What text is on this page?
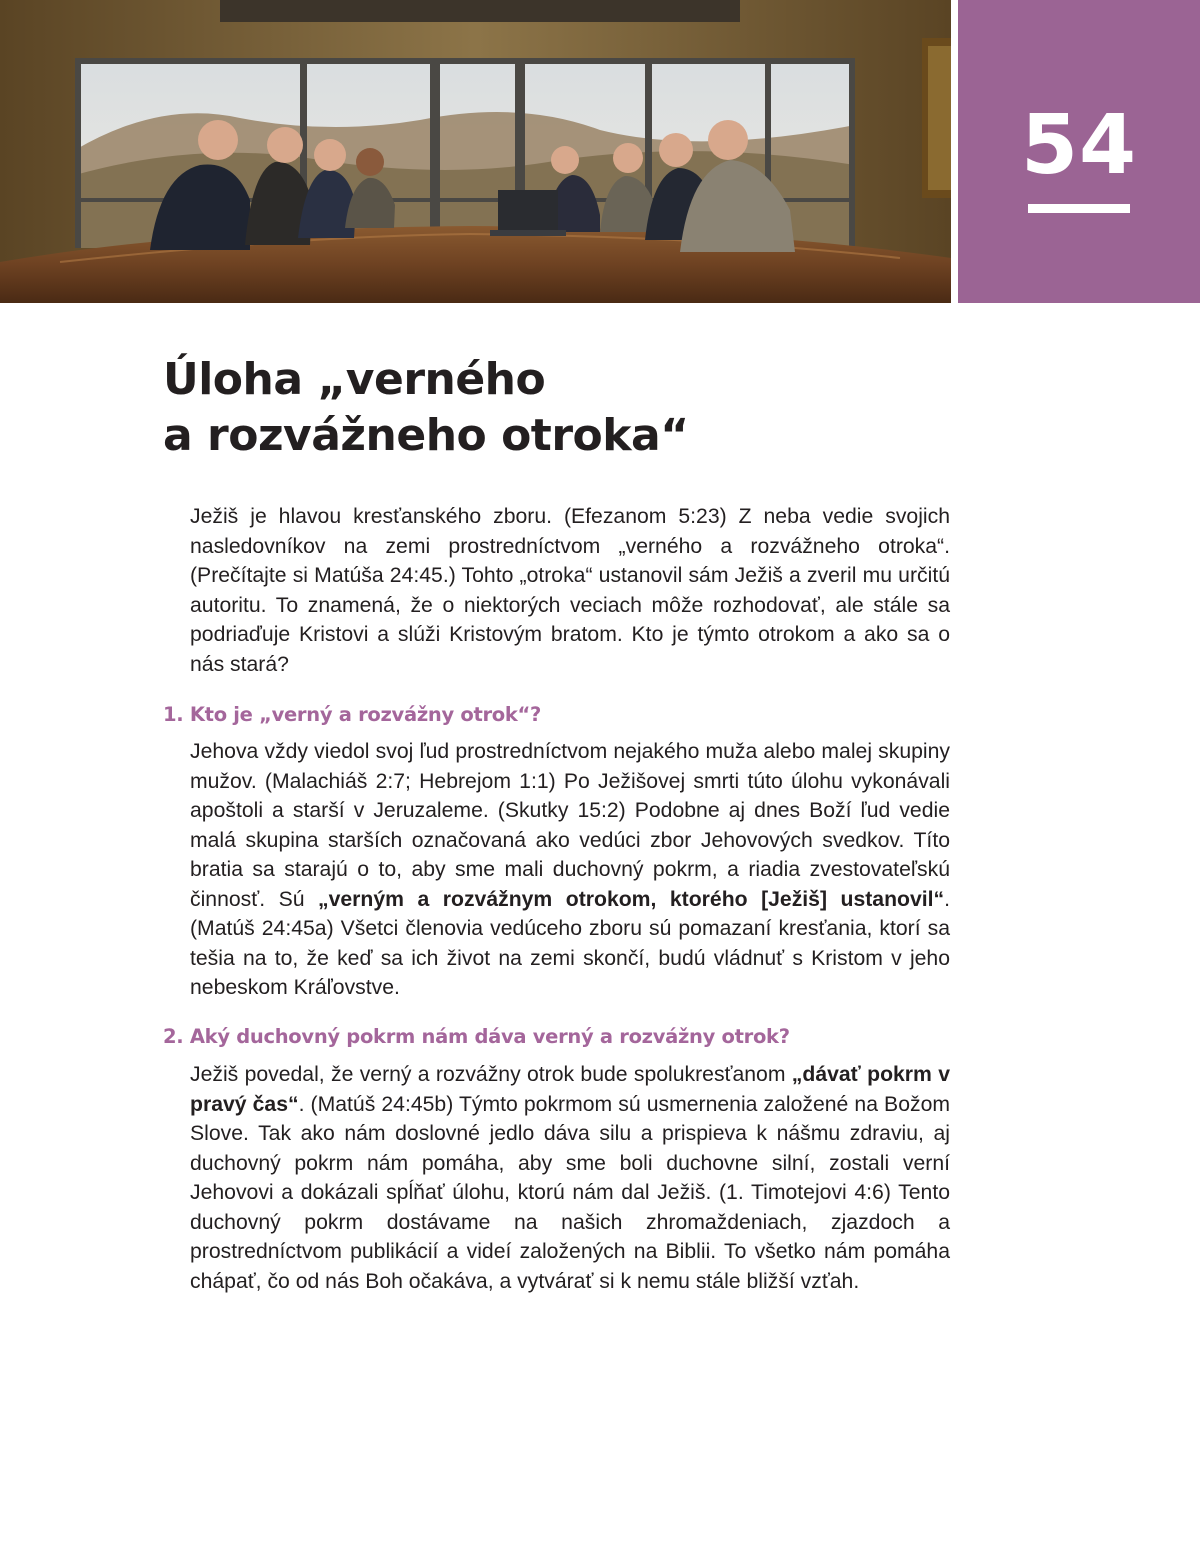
54
Úloha „verného
a rozvážneho otroka“

Ježiš je hlavou kresťanského zboru. (Efezanom 5:23) Z neba vedie svojich nasledovníkov na zemi prostredníctvom „verného a rozvážneho otroka“. (Prečítajte si Matúša 24:45.) Tohto „otroka“ ustanovil sám Ježiš a zveril mu určitú autoritu. To znamená, že o niektorých veciach môže rozhodovať, ale stále sa podriaďuje Kristovi a slúži Kristovým bratom. Kto je týmto otrokom a ako sa o nás stará?

1. Kto je „verný a rozvážny otrok“?

Jehova vždy viedol svoj ľud prostredníctvom nejakého muža alebo malej skupiny mužov. (Malachiáš 2:7; Hebrejom 1:1) Po Ježišovej smrti túto úlohu vykonávali apoštoli a starší v Jeruzaleme. (Skutky 15:2) Podobne aj dnes Boží ľud vedie malá skupina starších označovaná ako vedúci zbor Jehovových svedkov. Títo bratia sa starajú o to, aby sme mali duchovný pokrm, a riadia zvestovateľskú činnosť. Sú „verným a rozvážnym otrokom, ktorého [Ježiš] ustanovil“. (Matúš 24:45a) Všetci členovia vedúceho zboru sú pomazaní kresťania, ktorí sa tešia na to, že keď sa ich život na zemi skončí, budú vládnuť s Kristom v jeho nebeskom Kráľovstve.

2. Aký duchovný pokrm nám dáva verný a rozvážny otrok?

Ježiš povedal, že verný a rozvážny otrok bude spolukresťanom „dávať pokrm v pravý čas“. (Matúš 24:45b) Týmto pokrmom sú usmernenia založené na Božom Slove. Tak ako nám doslovné jedlo dáva silu a prispieva k nášmu zdraviu, aj duchovný pokrm nám pomáha, aby sme boli duchovne silní, zostali verní Jehovovi a dokázali spĺňať úlohu, ktorú nám dal Ježiš. (1. Timotejovi 4:6) Tento duchovný pokrm dostávame na našich zhromaždeniach, zjazdoch a prostredníctvom publikácií a videí založených na Biblii. To všetko nám pomáha chápať, čo od nás Boh očakáva, a vytvárať si k nemu stále bližší vzťah.
